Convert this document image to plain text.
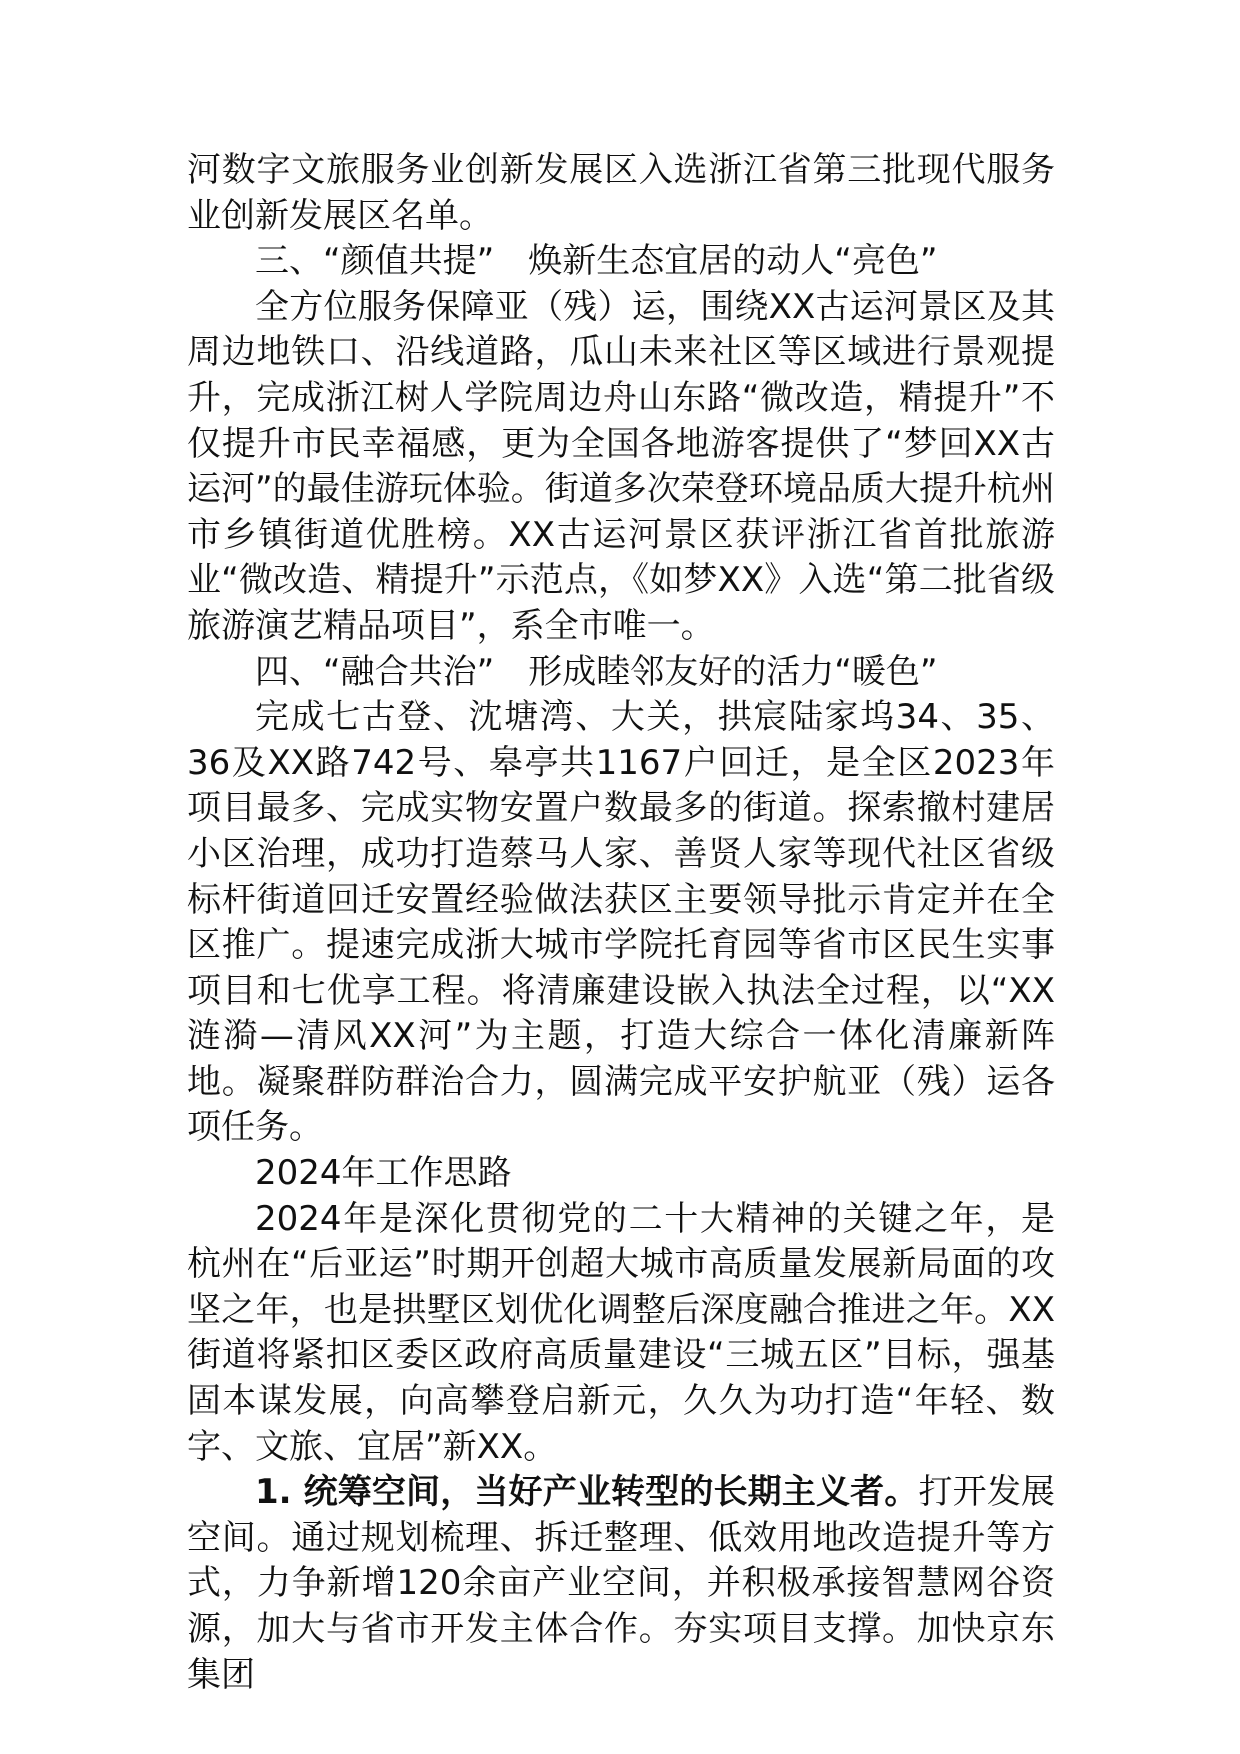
河数字文旅服务业创新发展区入选浙江省第三批现代服务业创新发展区名单。

三、“颜值共提”　焕新生态宜居的动人“亮色”

全方位服务保障亚（残）运，围绕XX古运河景区及其周边地铁口、沿线道路，瓜山未来社区等区域进行景观提升，完成浙江树人学院周边舟山东路“微改造，精提升”不仅提升市民幸福感，更为全国各地游客提供了“梦回XX古运河”的最佳游玩体验。街道多次荣登环境品质大提升杭州市乡镇街道优胜榜。XX古运河景区获评浙江省首批旅游业“微改造、精提升”示范点，《如梦XX》入选“第二批省级旅游演艺精品项目”，系全市唯一。

四、“融合共治”　形成睦邻友好的活力“暖色”

完成七古登、沈塘湾、大关，拱宸陆家坞34、35、36及XX路742号、皋亭共1167户回迁，是全区2023年项目最多、完成实物安置户数最多的街道。探索撤村建居小区治理，成功打造蔡马人家、善贤人家等现代社区省级标杆街道回迁安置经验做法获区主要领导批示肯定并在全区推广。提速完成浙大城市学院托育园等省市区民生实事项目和七优享工程。将清廉建设嵌入执法全过程，以“XX涟漪—清风XX河”为主题，打造大综合一体化清廉新阵地。凝聚群防群治合力，圆满完成平安护航亚（残）运各项任务。

2024年工作思路

2024年是深化贯彻党的二十大精神的关键之年，是杭州在“后亚运”时期开创超大城市高质量发展新局面的攻坚之年，也是拱墅区划优化调整后深度融合推进之年。XX街道将紧扣区委区政府高质量建设“三城五区”目标，强基固本谋发展，向高攀登启新元，久久为功打造“年轻、数字、文旅、宜居”新XX。

1. 统筹空间，当好产业转型的长期主义者。打开发展空间。通过规划梳理、拆迁整理、低效用地改造提升等方式，力争新增120余亩产业空间，并积极承接智慧网谷资源，加大与省市开发主体合作。夯实项目支撑。加快京东集团
